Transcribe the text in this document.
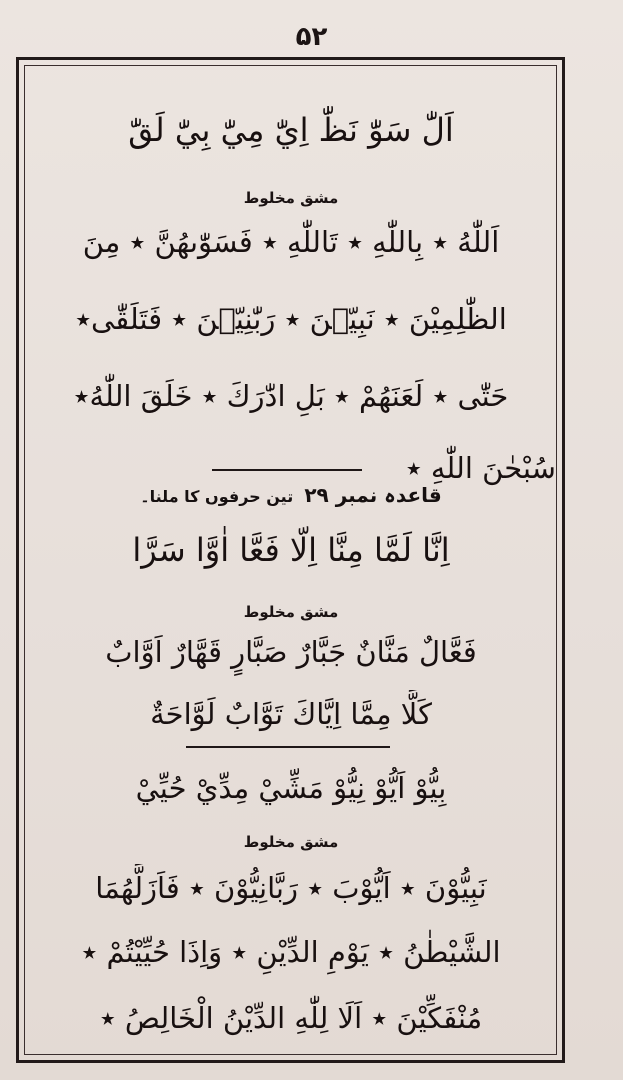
۵۲
اَلّٰ سَوّٰ نَظّٰ اِيّٰ مِيّٰ بِيّٰ لَقّٰ
مشق مخلوط
اَللّٰهُ ٭ بِاللّٰهِ ٭ تَاللّٰهِ ٭ فَسَوّٰىهُنَّ ٭ مِنَ
الظّٰلِمِيْنَ ٭ نَبِيّٖنَ ٭ رَبّٰنِيّٖنَ ٭ فَتَلَقّٰى٭
حَتّٰى ٭ لَعَنَهُمْ ٭ بَلِ ادّٰرَكَ ٭ خَلَقَ اللّٰهُ٭
سُبْحٰنَ اللّٰهِ ٭
قاعدہ نمبر ۲۹ تین حرفوں کا ملنا۔
اِنَّا لَمَّا مِنَّا اِلَّا فَعَّا اٰوَّا سَرَّا
مشق مخلوط
فَعَّالٌ مَنَّانٌ جَبَّارٌ صَبَّارٍ قَهَّارٌ اَوَّابٌ
كَلَّا مِمَّا اِيَّاكَ تَوَّابٌ لَوَّاحَةٌ
بِيُّوْ اَيُّوْ نِيُّوْ مَشِّيْ مِدِّيْ حُيِّيْ
مشق مخلوط
نَبِيُّوْنَ ٭ اَيُّوْبَ ٭ رَبَّانِيُّوْنَ ٭ فَاَزَلَّهُمَا
الشَّيْطٰنُ ٭ يَوْمِ الدِّيْنِ ٭ وَاِذَا حُيِّيْتُمْ ٭
مُنْفَكِّيْنَ ٭ اَلَا لِلّٰهِ الدِّيْنُ الْخَالِصُ ٭
